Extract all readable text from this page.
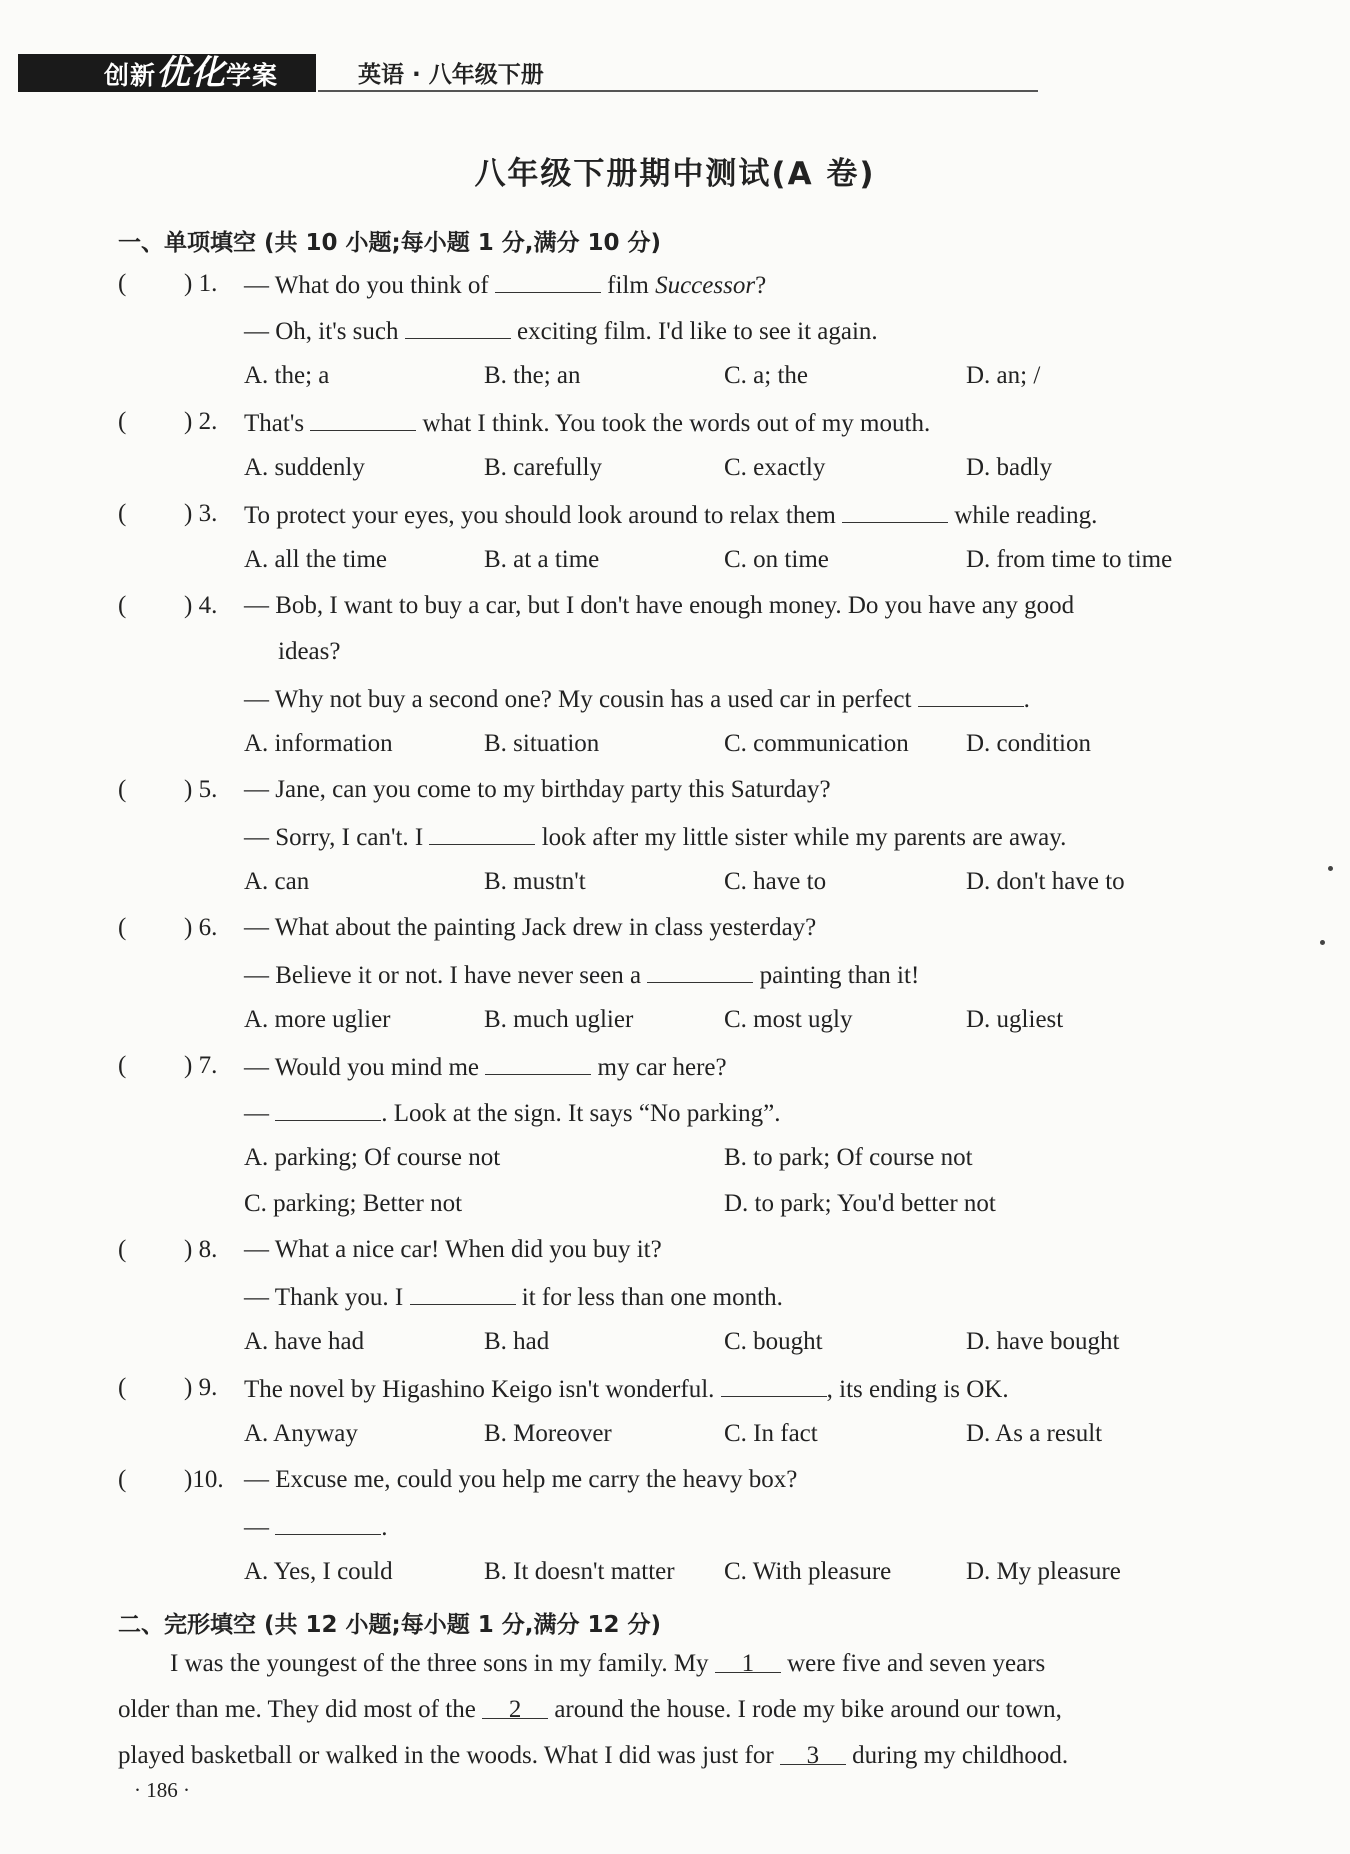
创新优化学案	英语 · 八年级下册
八年级下册期中测试(A 卷)
一、单项填空 (共 10 小题;每小题 1 分,满分 10 分)
( ) 1. — What do you think of	film Successor?
— Oh, it's such	exciting film. I'd like to see it again.
A. the; a	B. the; an	C. a; the	D. an; /
( ) 2. That's	what I think. You took the words out of my mouth.
A. suddenly	B. carefully	C. exactly	D. badly
( ) 3. To protect your eyes, you should look around to relax them	while reading.
A. all the time	B. at a time	C. on time	D. from time to time
( ) 4. — Bob, I want to buy a car, but I don't have enough money. Do you have any good
ideas?
— Why not buy a second one? My cousin has a used car in perfect	.
A. information	B. situation	C. communication D. condition
( ) 5. — Jane, can you come to my birthday party this Saturday?
— Sorry, I can't. I	look after my little sister while my parents are away.
A. can	B. mustn't	C. have to	D. don't have to
( ) 6. — What about the painting Jack drew in class yesterday?
— Believe it or not. I have never seen a	painting than it!
A. more uglier	B. much uglier	C. most ugly	D. ugliest
( ) 7. — Would you mind me	my car here?
—	. Look at the sign. It says “No parking”.
A. parking; Of course not	B. to park; Of course not
C. parking; Better not	D. to park; You'd better not
( ) 8. — What a nice car! When did you buy it?
— Thank you. I	it for less than one month.
A. have had	B. had	C. bought	D. have bought
( ) 9. The novel by Higashino Keigo isn't wonderful.	, its ending is OK.
A. Anyway	B. Moreover	C. In fact	D. As a result
( )10. — Excuse me, could you help me carry the heavy box?
—	.
A. Yes, I could	B. It doesn't matter C. With pleasure	D. My pleasure
二、完形填空 (共 12 小题;每小题 1 分,满分 12 分)
I was the youngest of the three sons in my family. My 1 were five and seven years
older than me. They did most of the 2 around the house. I rode my bike around our town,
played basketball or walked in the woods. What I did was just for 3 during my childhood.
· 186 ·
